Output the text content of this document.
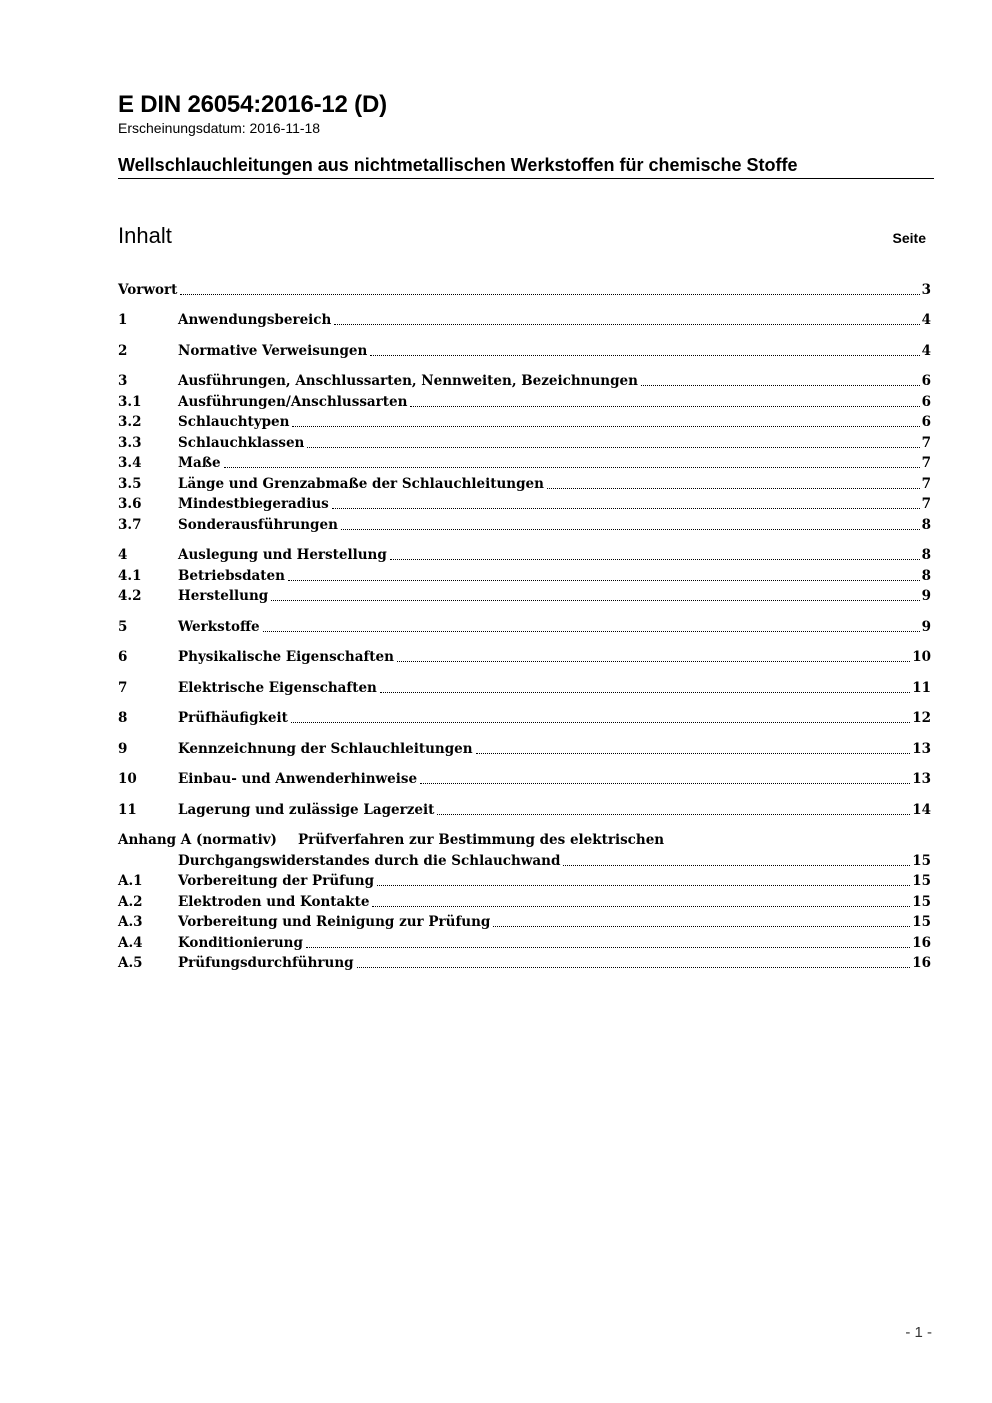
E DIN 26054:2016-12 (D)
Erscheinungsdatum: 2016-11-18
Wellschlauchleitungen aus nichtmetallischen Werkstoffen für chemische Stoffe
Inhalt	Seite
Vorwort	3
1	Anwendungsbereich	4
2	Normative Verweisungen	4
3	Ausführungen, Anschlussarten, Nennweiten, Bezeichnungen	6
3.1	Ausführungen/Anschlussarten	6
3.2	Schlauchtypen	6
3.3	Schlauchklassen	7
3.4	Maße	7
3.5	Länge und Grenzabmaße der Schlauchleitungen	7
3.6	Mindestbiegeradius	7
3.7	Sonderausführungen	8
4	Auslegung und Herstellung	8
4.1	Betriebsdaten	8
4.2	Herstellung	9
5	Werkstoffe	9
6	Physikalische Eigenschaften	10
7	Elektrische Eigenschaften	11
8	Prüfhäufigkeit	12
9	Kennzeichnung der Schlauchleitungen	13
10	Einbau- und Anwenderhinweise	13
11	Lagerung und zulässige Lagerzeit	14
Anhang A (normativ) Prüfverfahren zur Bestimmung des elektrischen
Durchgangswiderstandes durch die Schlauchwand	15
A.1	Vorbereitung der Prüfung	15
A.2	Elektroden und Kontakte	15
A.3	Vorbereitung und Reinigung zur Prüfung	15
A.4	Konditionierung	16
A.5	Prüfungsdurchführung	16
- 1 -
